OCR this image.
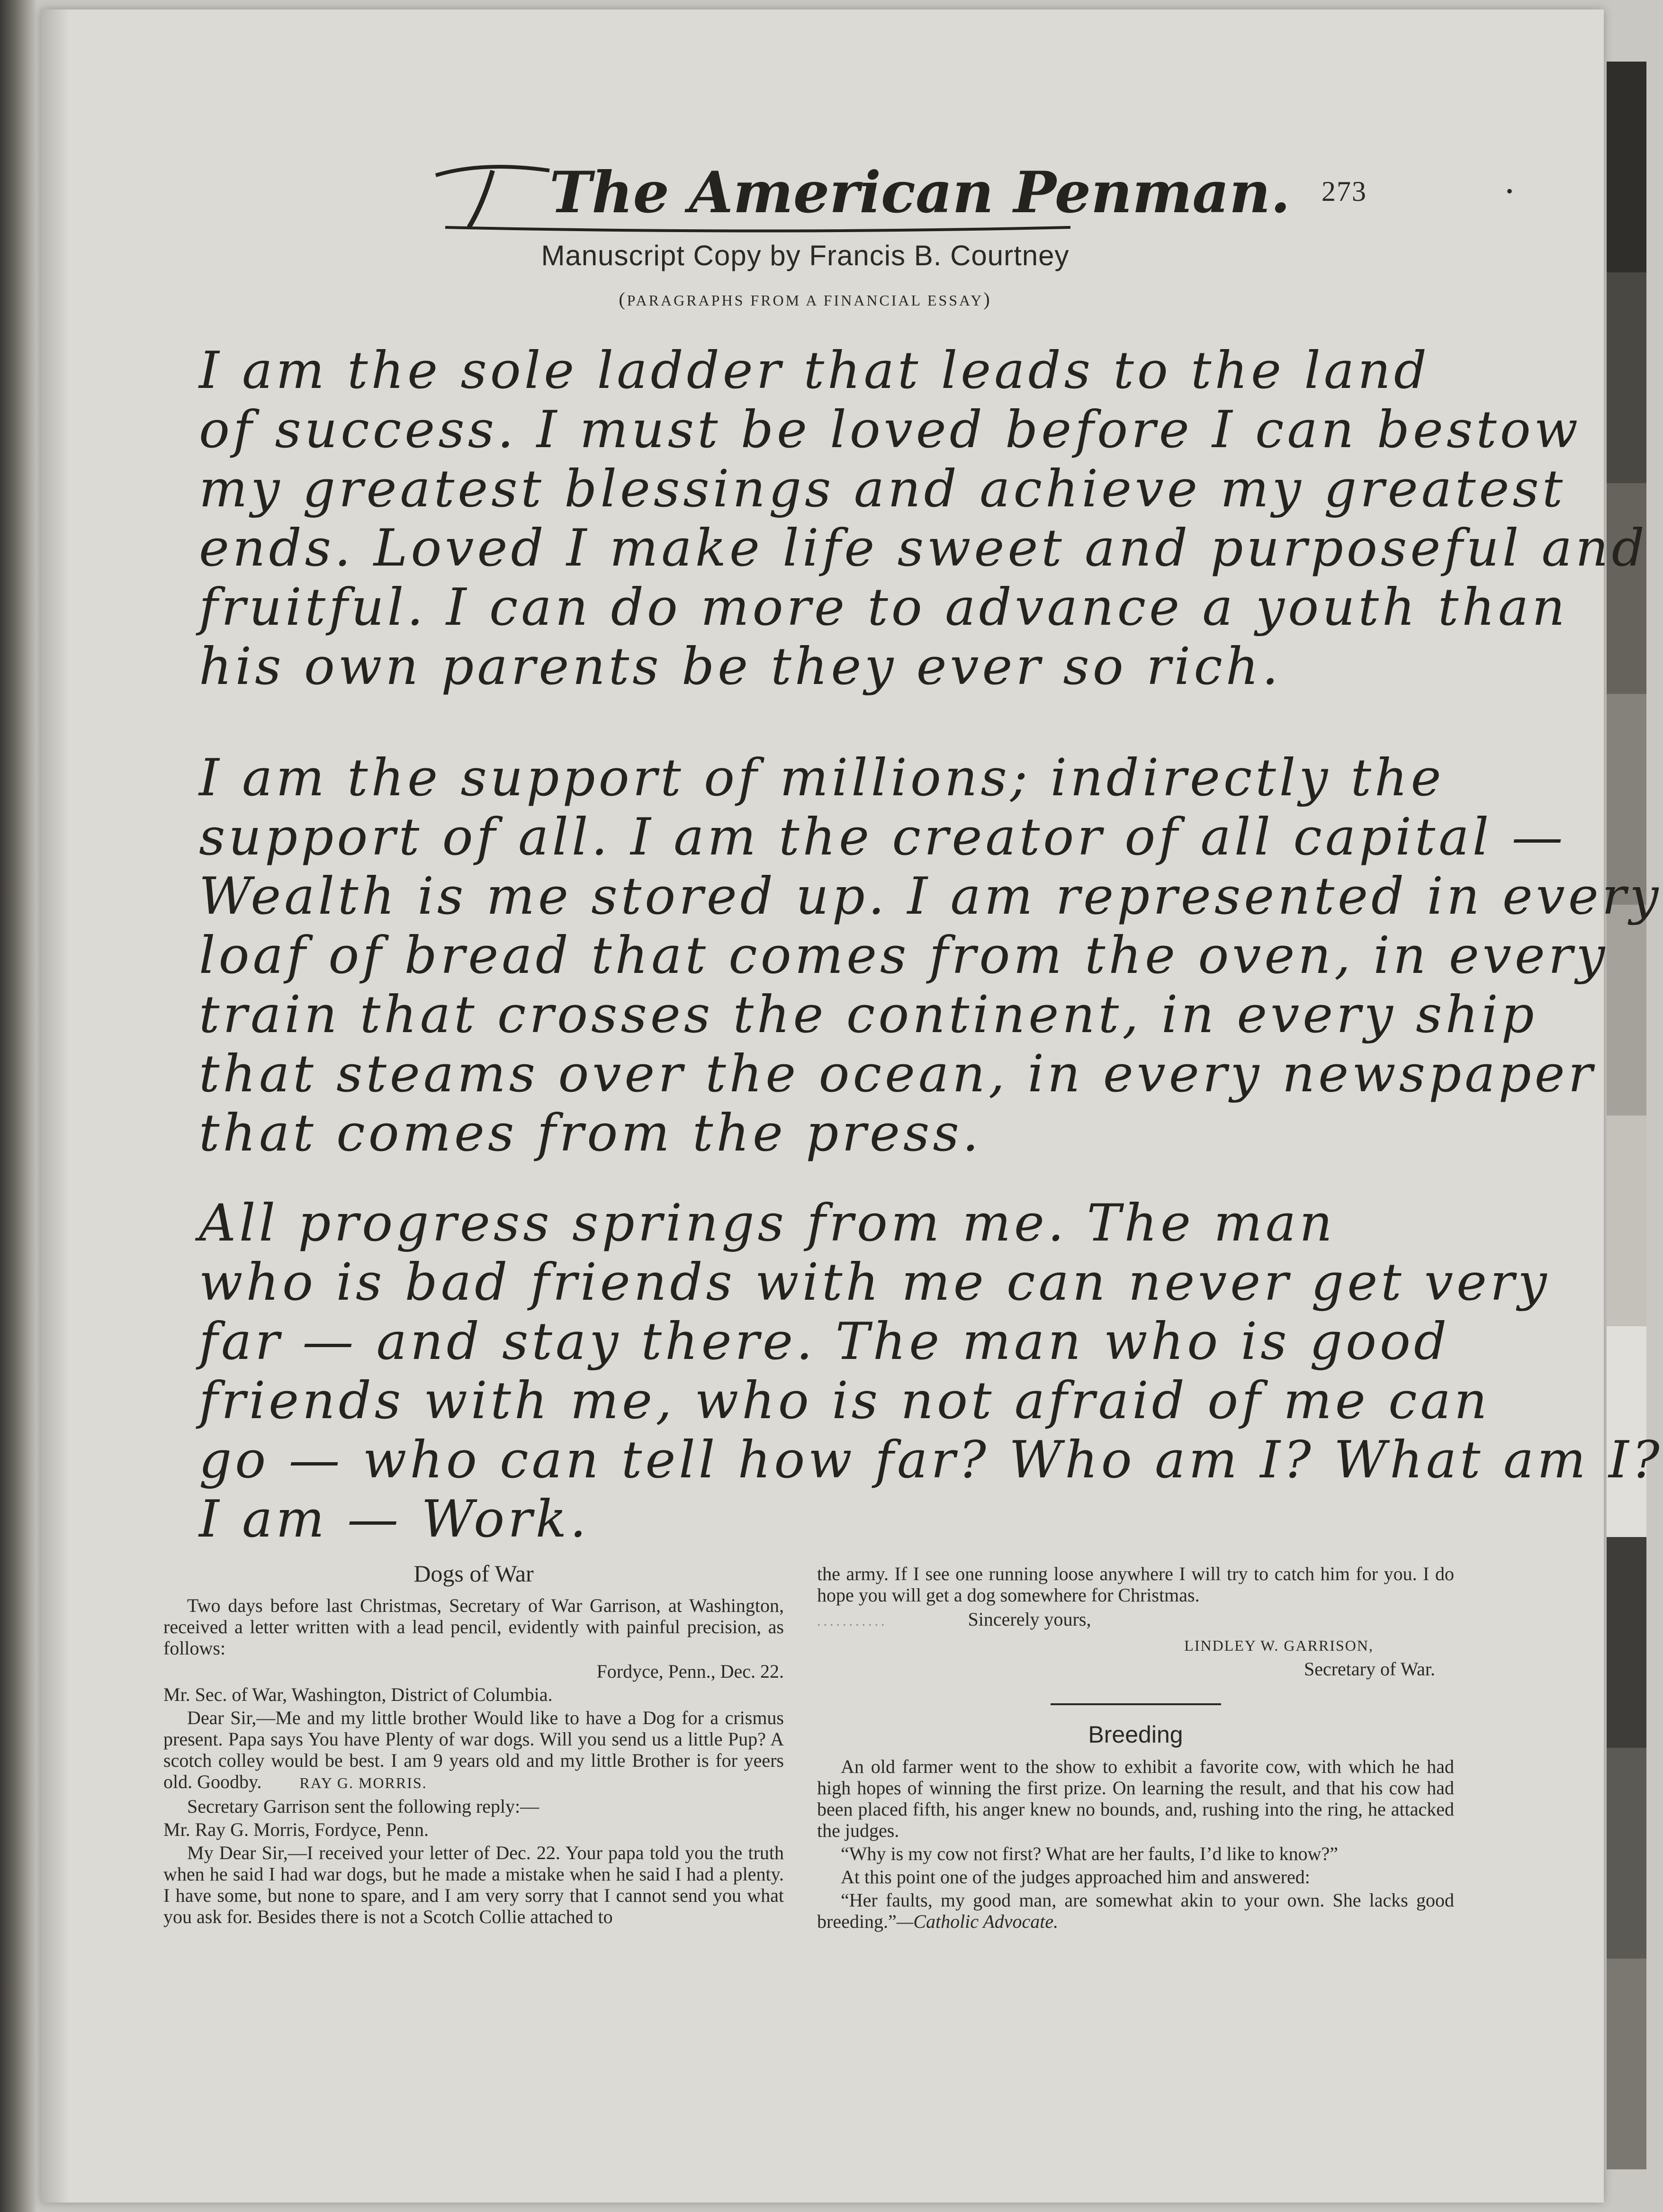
The American Penman. 273	•
Manuscript Copy by Francis B. Courtney
(PARAGRAPHS FROM A FINANCIAL ESSAY)
I am the sole ladder that leads to the land
of success. I must be loved before I can bestow
my greatest blessings and achieve my greatest
ends. Loved I make life sweet and purposeful and
fruitful. I can do more to advance a youth than
his own parents be they ever so rich.
I am the support of millions; indirectly the
support of all. I am the creator of all capital —
Wealth is me stored up. I am represented in every
loaf of bread that comes from the oven, in every
train that crosses the continent, in every ship
that steams over the ocean, in every newspaper
that comes from the press.
All progress springs from me. The man
who is bad friends with me can never get very
far — and stay there. The man who is good
friends with me, who is not afraid of me can
go — who can tell how far? Who am I? What am I?
I am — Work.
Dogs of War

Two days before last Christmas, Secretary of War Garrison, at Washington, received a letter written with a lead pencil, evidently with painful precision, as follows:

Fordyce, Penn., Dec. 22.

Mr. Sec. of War, Washington, District of Columbia.

Dear Sir,—Me and my little brother Would like to have a Dog for a crismus present. Papa says You have Plenty of war dogs. Will you send us a little Pup? A scotch colley would be best. I am 9 years old and my little Brother is for yeers old. Goodby.	RAY G. MORRIS.

Secretary Garrison sent the following reply:—

Mr. Ray G. Morris, Fordyce, Penn.

My Dear Sir,—I received your letter of Dec. 22. Your papa told you the truth when he said I had war dogs, but he made a mistake when he said I had a plenty. I have some, but none to spare, and I am very sorry that I cannot send you what you ask for. Besides there is not a Scotch Collie attached to

the army. If I see one running loose anywhere I will try to catch him for you. I do hope you will get a dog somewhere for Christmas.

...........	Sincerely yours,

LINDLEY W. GARRISON,

Secretary of War.

Breeding

An old farmer went to the show to exhibit a favorite cow, with which he had high hopes of winning the first prize. On learning the result, and that his cow had been placed fifth, his anger knew no bounds, and, rushing into the ring, he attacked the judges.

“Why is my cow not first? What are her faults, I’d like to know?”

At this point one of the judges approached him and answered:

“Her faults, my good man, are somewhat akin to your own. She lacks good breeding.”—Catholic Advocate.
